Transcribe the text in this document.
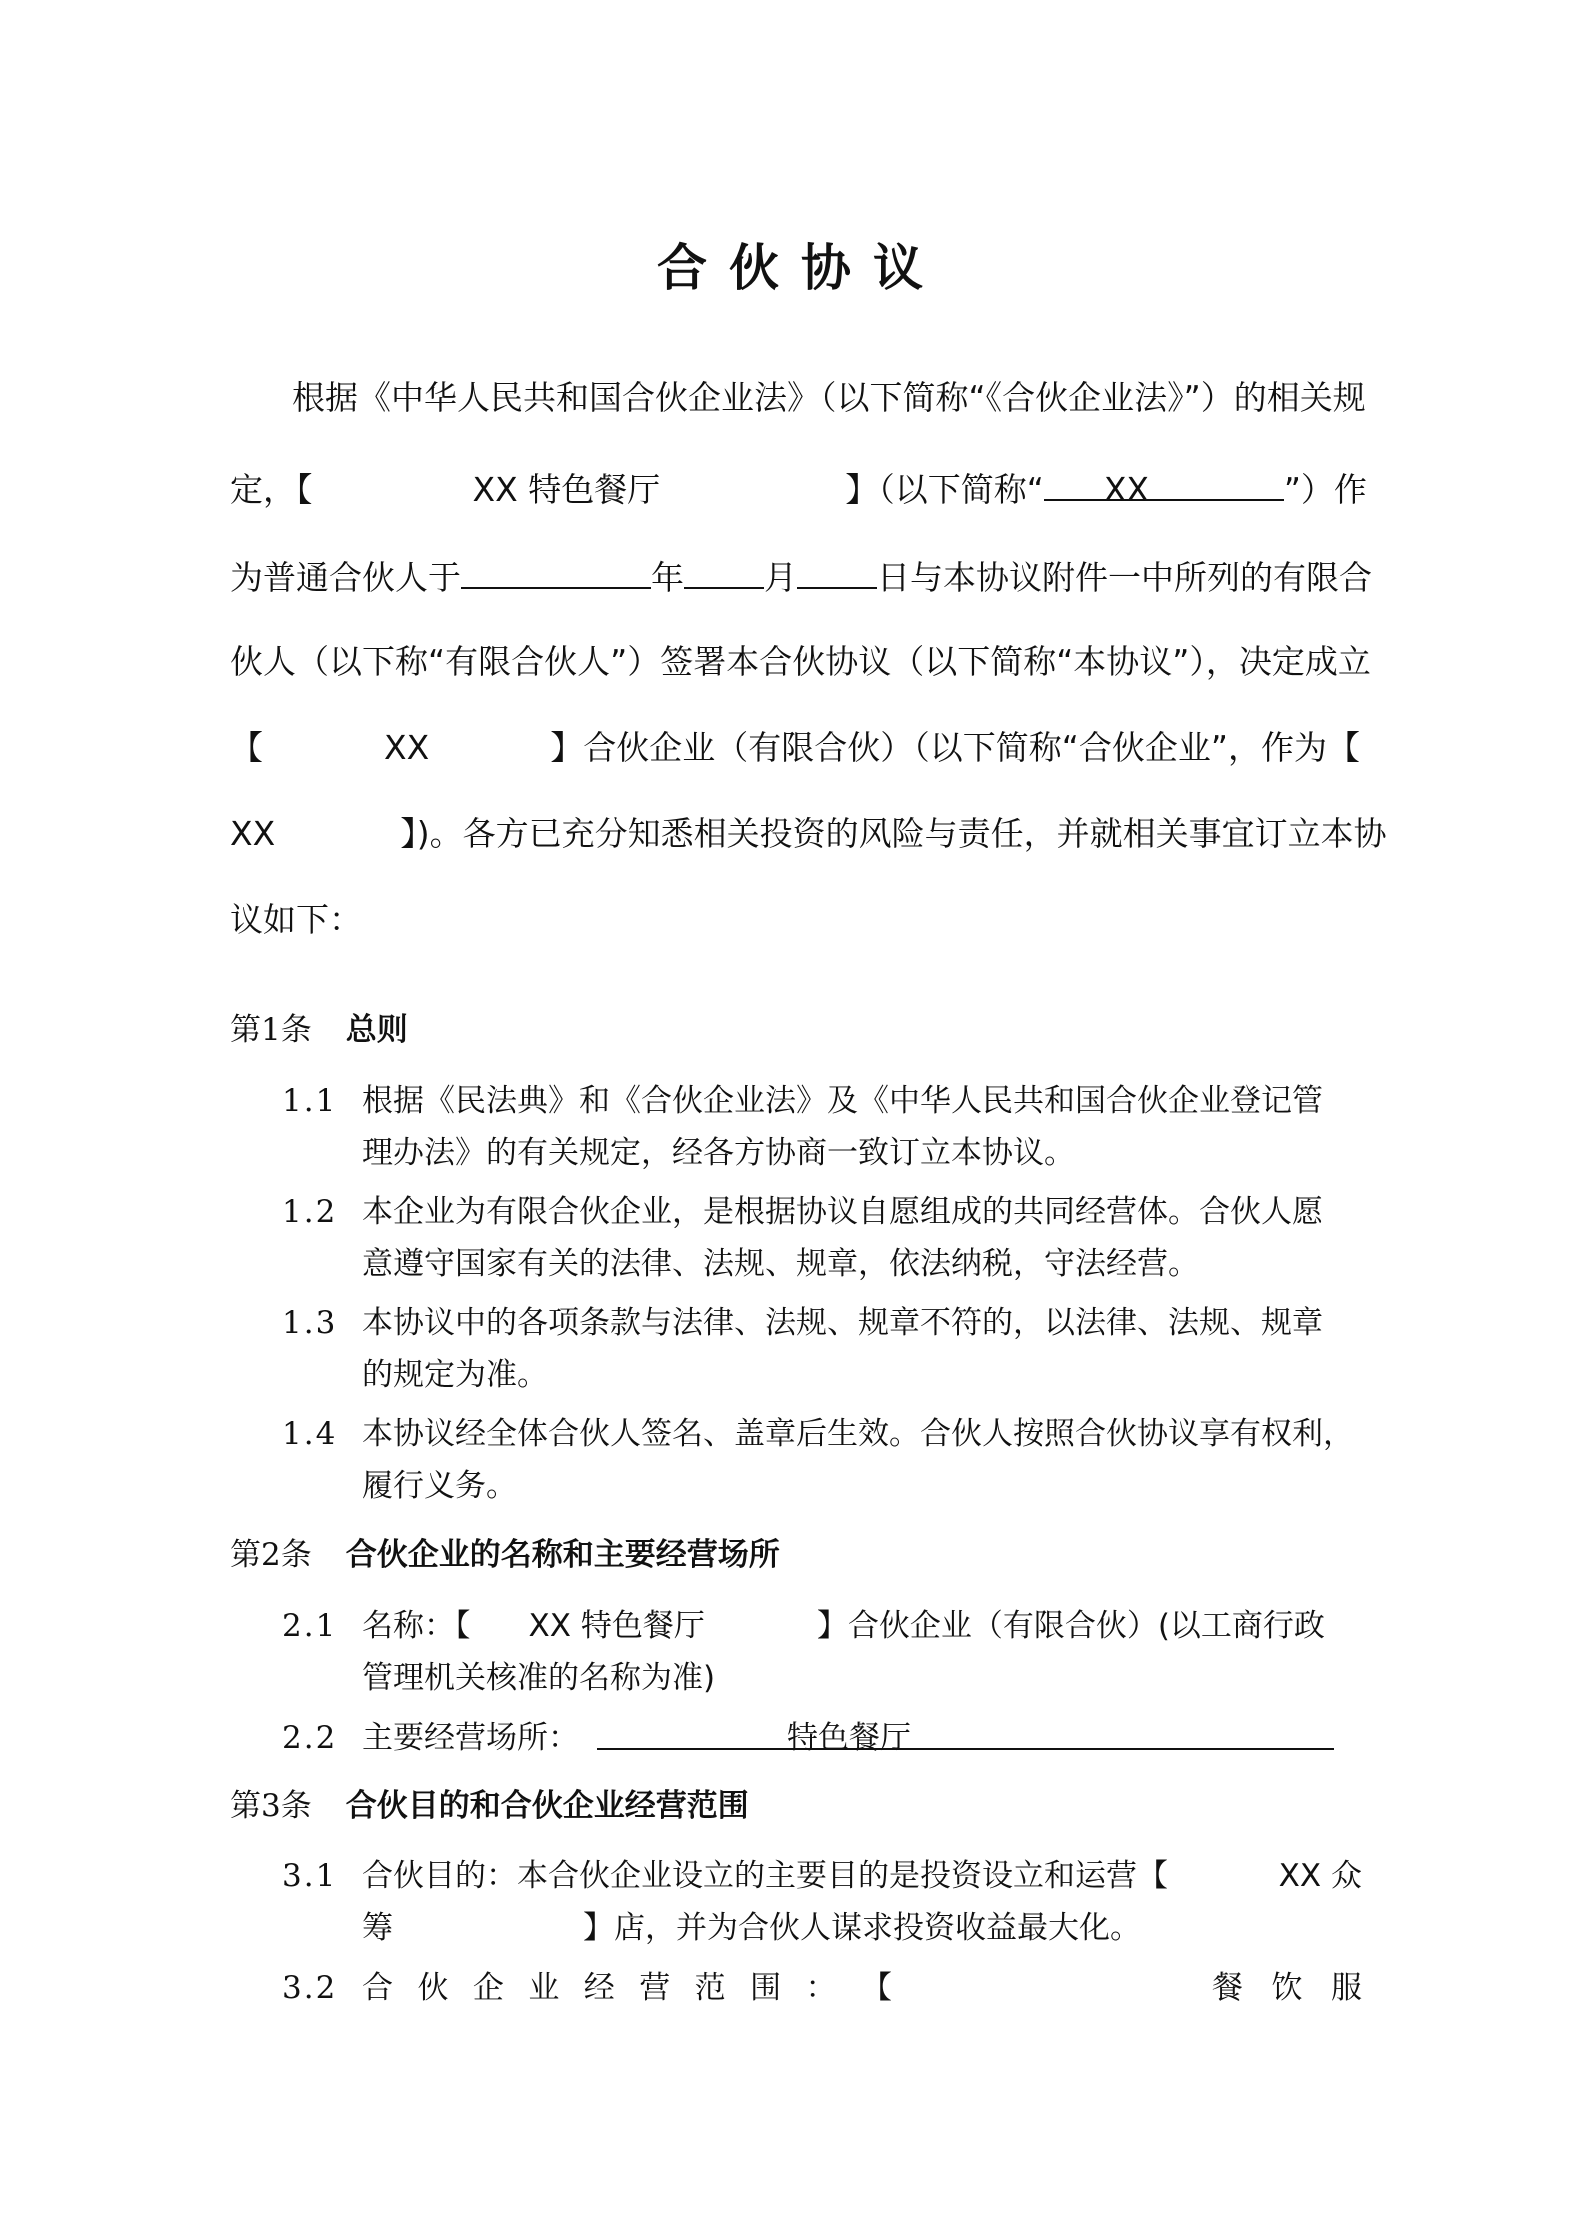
合伙协议
根据《中华人民共和国合伙企业法》（以下简称“《合伙企业法》”）的相关规
定，【	XX 特色餐厅	】（以下简称“ XX	”）作
为普通合伙人于	年 月 日与本协议附件一中所列的有限合
伙人（以下称“有限合伙人”）签署本合伙协议（以下简称“本协议”），决定成立
【	XX	】合伙企业（有限合伙）（以下简称“合伙企业”，作为【
XX	】)。各方已充分知悉相关投资的风险与责任，并就相关事宜订立本协
议如下：
第1条 总则
1.1 根据《民法典》和《合伙企业法》及《中华人民共和国合伙企业登记管
理办法》的有关规定，经各方协商一致订立本协议。
1.2 本企业为有限合伙企业，是根据协议自愿组成的共同经营体。合伙人愿
意遵守国家有关的法律、法规、规章，依法纳税，守法经营。
1.3 本协议中的各项条款与法律、法规、规章不符的，以法律、法规、规章
的规定为准。
1.4 本协议经全体合伙人签名、盖章后生效。合伙人按照合伙协议享有权利，
履行义务。
第2条 合伙企业的名称和主要经营场所
2.1 名称：【 XX 特色餐厅	】合伙企业（有限合伙）(以工商行政
管理机关核准的名称为准)
2.2 主要经营场所：	特色餐厅
第3条 合伙目的和合伙企业经营范围
3.1 合伙目的：本合伙企业设立的主要目的是投资设立和运营【	XX 众
筹	】店，并为合伙人谋求投资收益最大化。
3.2 合 伙 企 业 经 营 范 围 ： 【	餐 饮 服
